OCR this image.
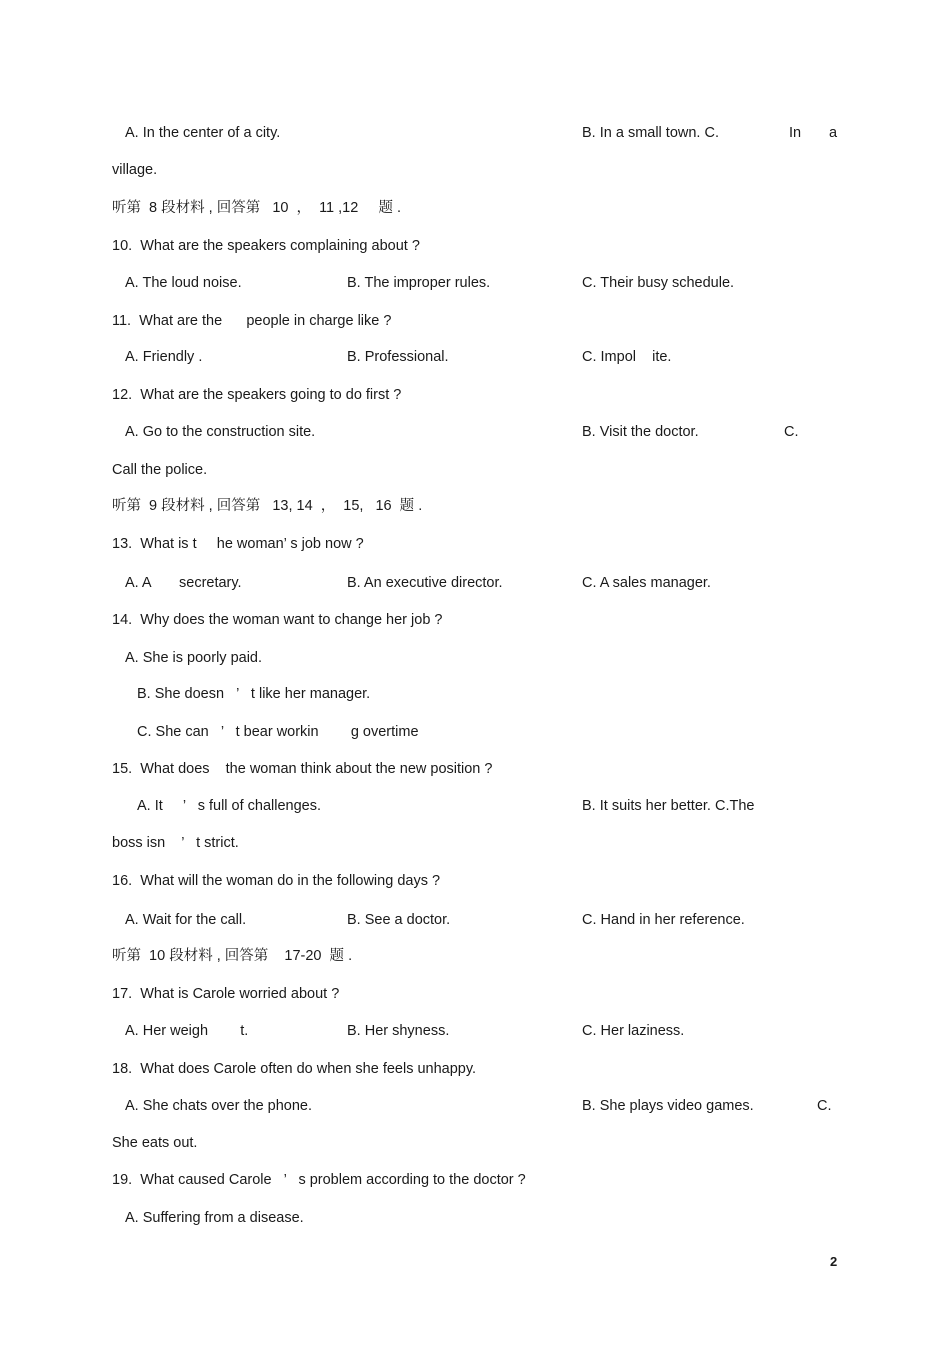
A. In the center of a city.	B. In a small town. C.	In a
village.
听第  8 段材料 , 回答第   10  ，  11 ,12     题 .
10.  What are the speakers complaining about ?
A. The loud noise.	B. The improper rules.	C. Their busy schedule.
11.  What are the      people in charge like ?
A. Friendly .	B. Professional.	C. Impol    ite.
12.  What are the speakers going to do first ?
A. Go to the construction site.	B. Visit the doctor.	C.
Call the police.
听第  9 段材料 , 回答第   13, 14  ，  15,   16  题 .
13.  What is t     he woman’ s job now ?
A. A       secretary.	B. An executive director.	C. A sales manager.
14.  Why does the woman want to change her job ?
A. She is poorly paid.
B. She doesn   ’   t like her manager.
C. She can   ’   t bear workin        g overtime
15.  What does    the woman think about the new position ?
A. It     ’   s full of challenges.	B. It suits her better. C.The
boss isn    ’   t strict.
16.  What will the woman do in the following days ?
A. Wait for the call.	B. See a doctor.	C. Hand in her reference.
听第  10 段材料 , 回答第    17-20  题 .
17.  What is Carole worried about ?
A. Her weigh        t.	B. Her shyness.	C. Her laziness.
18.  What does Carole often do when she feels unhappy.
A. She chats over the phone.	B. She plays video games.	C.
She eats out.
19.  What caused Carole   ’   s problem according to the doctor ?
A. Suffering from a disease.
2
